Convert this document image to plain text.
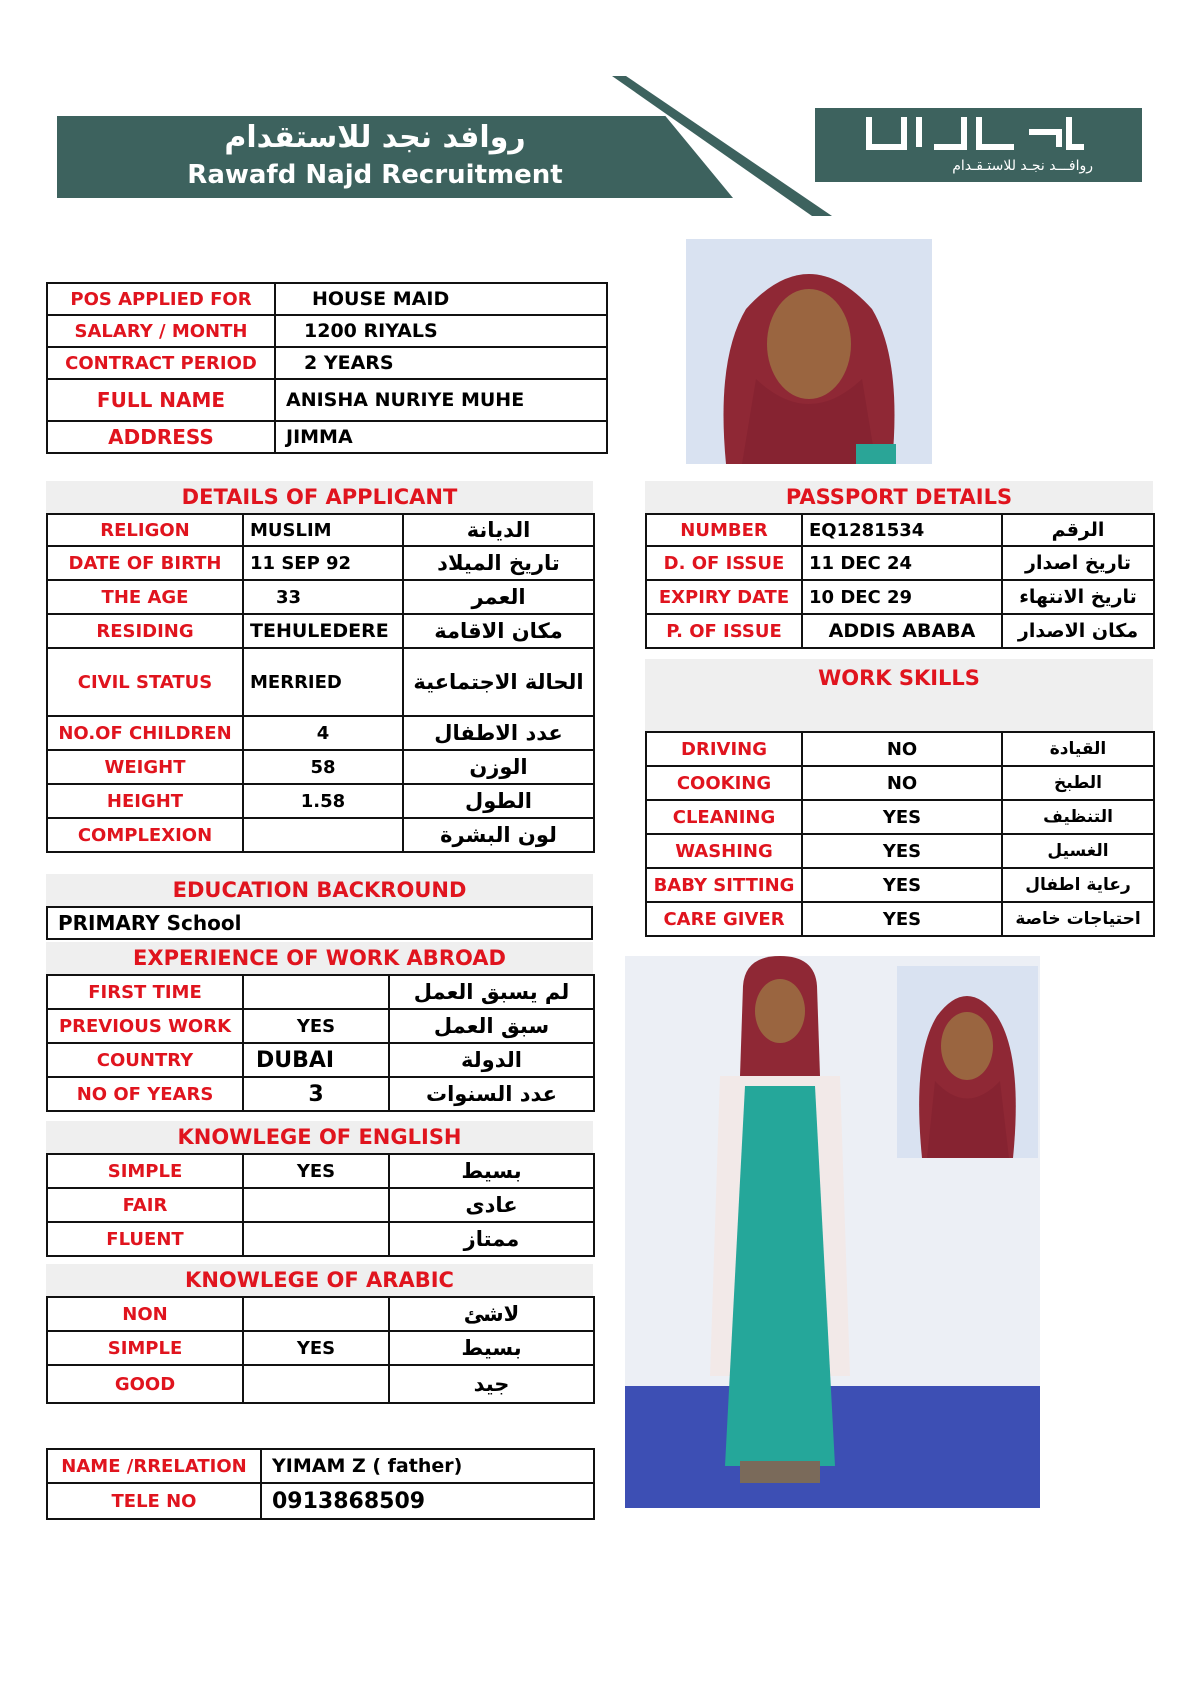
روافد نجد للاستقدام
Rawafd Najd Recruitment	روافـــد نجـد للاستـقـدام
POS APPLIED FOR	HOUSE MAID
SALARY / MONTH	1200 RIYALS
CONTRACT PERIOD	2 YEARS
FULL NAME	ANISHA NURIYE MUHE
ADDRESS	JIMMA
DETAILS OF APPLICANT
RELIGON	MUSLIM	الديانة
DATE OF BIRTH	11 SEP 92	تاريخ الميلاد
THE AGE	33	العمر
RESIDING	TEHULEDERE	مكان الاقامة
CIVIL STATUS	MERRIED	الحالة الاجتماعية
NO.OF CHILDREN	4	عدد الاطفال
WEIGHT	58	الوزن
HEIGHT	1.58	الطول
COMPLEXION		لون البشرة
EDUCATION BACKROUND
PRIMARY School
EXPERIENCE OF WORK ABROAD
FIRST TIME		لم يسبق العمل
PREVIOUS WORK	YES	سبق العمل
COUNTRY	DUBAI	الدولة
NO OF YEARS	3	عدد السنوات
KNOWLEGE OF ENGLISH
SIMPLE	YES	بسيط
FAIR		عادى
FLUENT		ممتاز
KNOWLEGE OF ARABIC
NON		لاشئ
SIMPLE	YES	بسيط
GOOD		جيد
NAME /RRELATION	YIMAM Z ( father)
TELE NO	0913868509
PASSPORT DETAILS
NUMBER	EQ1281534	الرقم
D. OF ISSUE	11 DEC 24	تاريخ اصدار
EXPIRY DATE	10 DEC 29	تاريخ الانتهاء
P. OF ISSUE	ADDIS ABABA	مكان الاصدار
WORK SKILLS
DRIVING	NO	القيادة
COOKING	NO	الطبخ
CLEANING	YES	التنظيف
WASHING	YES	الغسيل
BABY SITTING	YES	رعاية اطفال
CARE GIVER	YES	احتياجات خاصة
